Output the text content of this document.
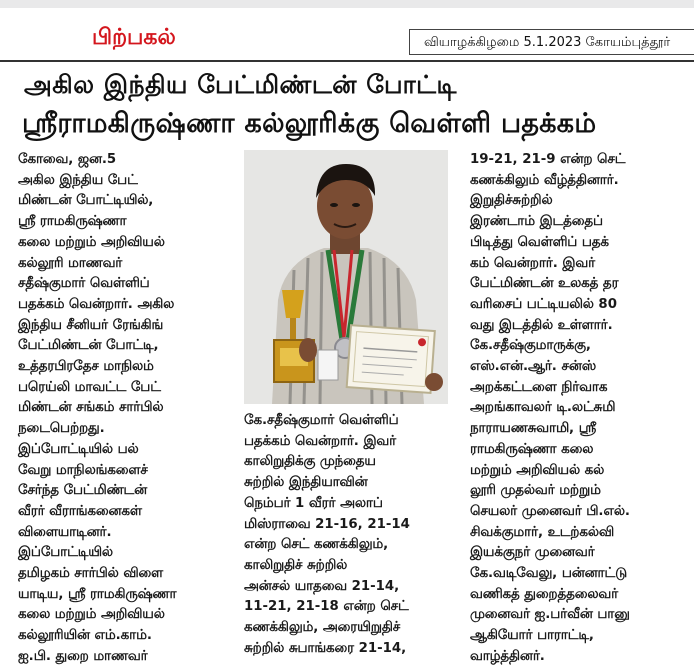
பிற்பகல்	வியாழக்கிழமை 5.1.2023 கோயம்புத்தூர்
அகில இந்திய பேட்மிண்டன் போட்டி
ஸ்ரீராமகிருஷ்ணா கல்லூரிக்கு வெள்ளி பதக்கம்

கோவை, ஜன.5

அகில இந்திய பேட்

மிண்டன் போட்டியில்,

ஸ்ரீ ராமகிருஷ்ணா

கலை மற்றும் அறிவியல்

கல்லூரி மாணவர்

சதீஷ்குமார் வெள்ளிப்

பதக்கம் வென்றார். அகில

இந்திய சீனியர் ரேங்கிங்

பேட்மிண்டன் போட்டி,

உத்தரபிரதேச மாநிலம்

பரெய்லி மாவட்ட பேட்

மிண்டன் சங்கம் சார்பில்

நடைபெற்றது.

இப்போட்டியில் பல்

வேறு மாநிலங்களைச்

சேர்ந்த பேட்மிண்டன்

வீரர் வீராங்கனைகள்

விளையாடினர்.

இப்போட்டியில்

தமிழகம் சார்பில் விளை

யாடிய, ஸ்ரீ ராமகிருஷ்ணா

கலை மற்றும் அறிவியல்

கல்லூரியின் எம்.காம்.

ஐ.பி. துறை மாணவர்

கே.சதீஷ்குமார் வெள்ளிப்

பதக்கம் வென்றார். இவர்

காலிறுதிக்கு முந்தைய

சுற்றில் இந்தியாவின்

நெம்பர் 1 வீரர் அலாப்

மிஸ்ராவை 21-16, 21-14

என்ற செட் கணக்கிலும்,

காலிறுதிச் சுற்றில்

அன்சல் யாதவை 21-14,

11-21, 21-18 என்ற செட்

கணக்கிலும், அரையிறுதிச்

சுற்றில் சுபாங்கரை 21-14,

19-21, 21-9 என்ற செட்

கணக்கிலும் வீழ்த்தினார்.

இறுதிச்சுற்றில்

இரண்டாம் இடத்தைப்

பிடித்து வெள்ளிப் பதக்

கம் வென்றார். இவர்

பேட்மிண்டன் உலகத் தர

வரிசைப் பட்டியலில் 80

வது இடத்தில் உள்ளார்.

கே.சதீஷ்குமாருக்கு,

எஸ்.என்.ஆர். சன்ஸ்

அறக்கட்டளை நிர்வாக

அறங்காவலர் டி.லட்சுமி

நாராயணசுவாமி, ஸ்ரீ

ராமகிருஷ்ணா கலை

மற்றும் அறிவியல் கல்

லூரி முதல்வர் மற்றும்

செயலர் முனைவர் பி.எல்.

சிவக்குமார், உடற்கல்வி

இயக்குநர் முனைவர்

கே.வடிவேலு, பன்னாட்டு

வணிகத் துறைத்தலைவர்

முனைவர் ஐ.பர்வீன் பானு

ஆகியோர் பாராட்டி,

வாழ்த்தினர்.
